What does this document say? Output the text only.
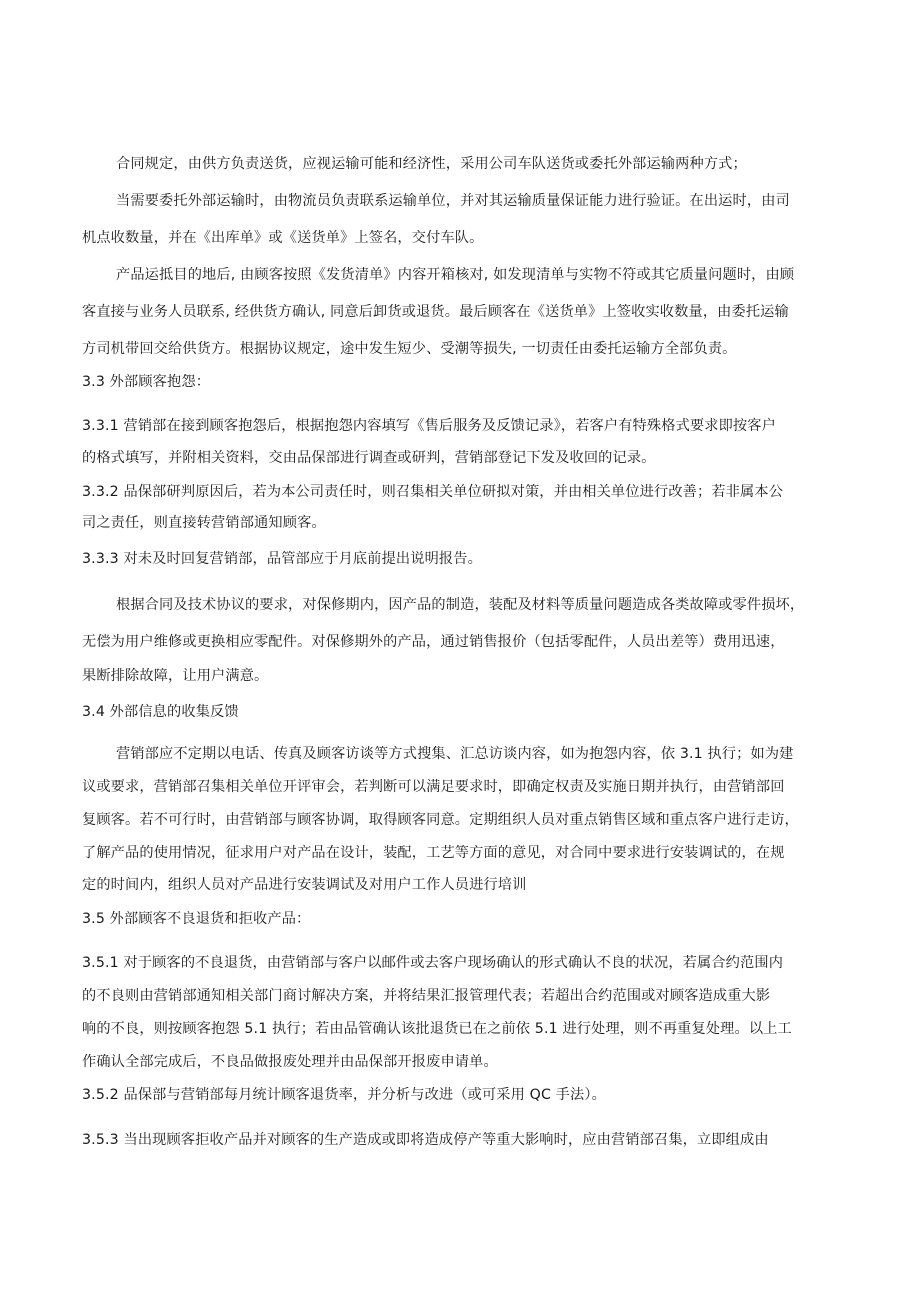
合同规定，由供方负责送货，应视运输可能和经济性，采用公司车队送货或委托外部运输两种方式；
当需要委托外部运输时，由物流员负责联系运输单位，并对其运输质量保证能力进行验证。在出运时，由司
机点收数量，并在《出库单》或《送货单》上签名，交付车队。
产品运抵目的地后, 由顾客按照《发货清单》内容开箱核对, 如发现清单与实物不符或其它质量问题时，由顾
客直接与业务人员联系, 经供货方确认, 同意后卸货或退货。最后顾客在《送货单》上签收实收数量，由委托运输
方司机带回交给供货方。根据协议规定，途中发生短少、受潮等损失, 一切责任由委托运输方全部负责。
3.3 外部顾客抱怨：
3.3.1 营销部在接到顾客抱怨后，根据抱怨内容填写《售后服务及反馈记录》，若客户有特殊格式要求即按客户
的格式填写，并附相关资料，交由品保部进行调查或研判，营销部登记下发及收回的记录。
3.3.2 品保部研判原因后，若为本公司责任时，则召集相关单位研拟对策，并由相关单位进行改善；若非属本公
司之责任，则直接转营销部通知顾客。
3.3.3 对未及时回复营销部，品管部应于月底前提出说明报告。
根据合同及技术协议的要求，对保修期内，因产品的制造，装配及材料等质量问题造成各类故障或零件损坏，
无偿为用户维修或更换相应零配件。对保修期外的产品，通过销售报价（包括零配件，人员出差等）费用迅速，
果断排除故障，让用户满意。
3.4 外部信息的收集反馈
营销部应不定期以电话、传真及顾客访谈等方式搜集、汇总访谈内容，如为抱怨内容，依 3.1 执行；如为建
议或要求，营销部召集相关单位开评审会，若判断可以满足要求时，即确定权责及实施日期并执行，由营销部回
复顾客。若不可行时，由营销部与顾客协调，取得顾客同意。定期组织人员对重点销售区域和重点客户进行走访，
了解产品的使用情况，征求用户对产品在设计，装配，工艺等方面的意见，对合同中要求进行安装调试的，在规
定的时间内，组织人员对产品进行安装调试及对用户工作人员进行培训
3.5 外部顾客不良退货和拒收产品：
3.5.1 对于顾客的不良退货，由营销部与客户以邮件或去客户现场确认的形式确认不良的状况，若属合约范围内
的不良则由营销部通知相关部门商讨解决方案，并将结果汇报管理代表；若超出合约范围或对顾客造成重大影
响的不良，则按顾客抱怨 5.1 执行；若由品管确认该批退货已在之前依 5.1 进行处理，则不再重复处理。以上工
作确认全部完成后，不良品做报废处理并由品保部开报废申请单。
3.5.2 品保部与营销部每月统计顾客退货率，并分析与改进（或可采用 QC 手法）。
3.5.3 当出现顾客拒收产品并对顾客的生产造成或即将造成停产等重大影响时，应由营销部召集，立即组成由
